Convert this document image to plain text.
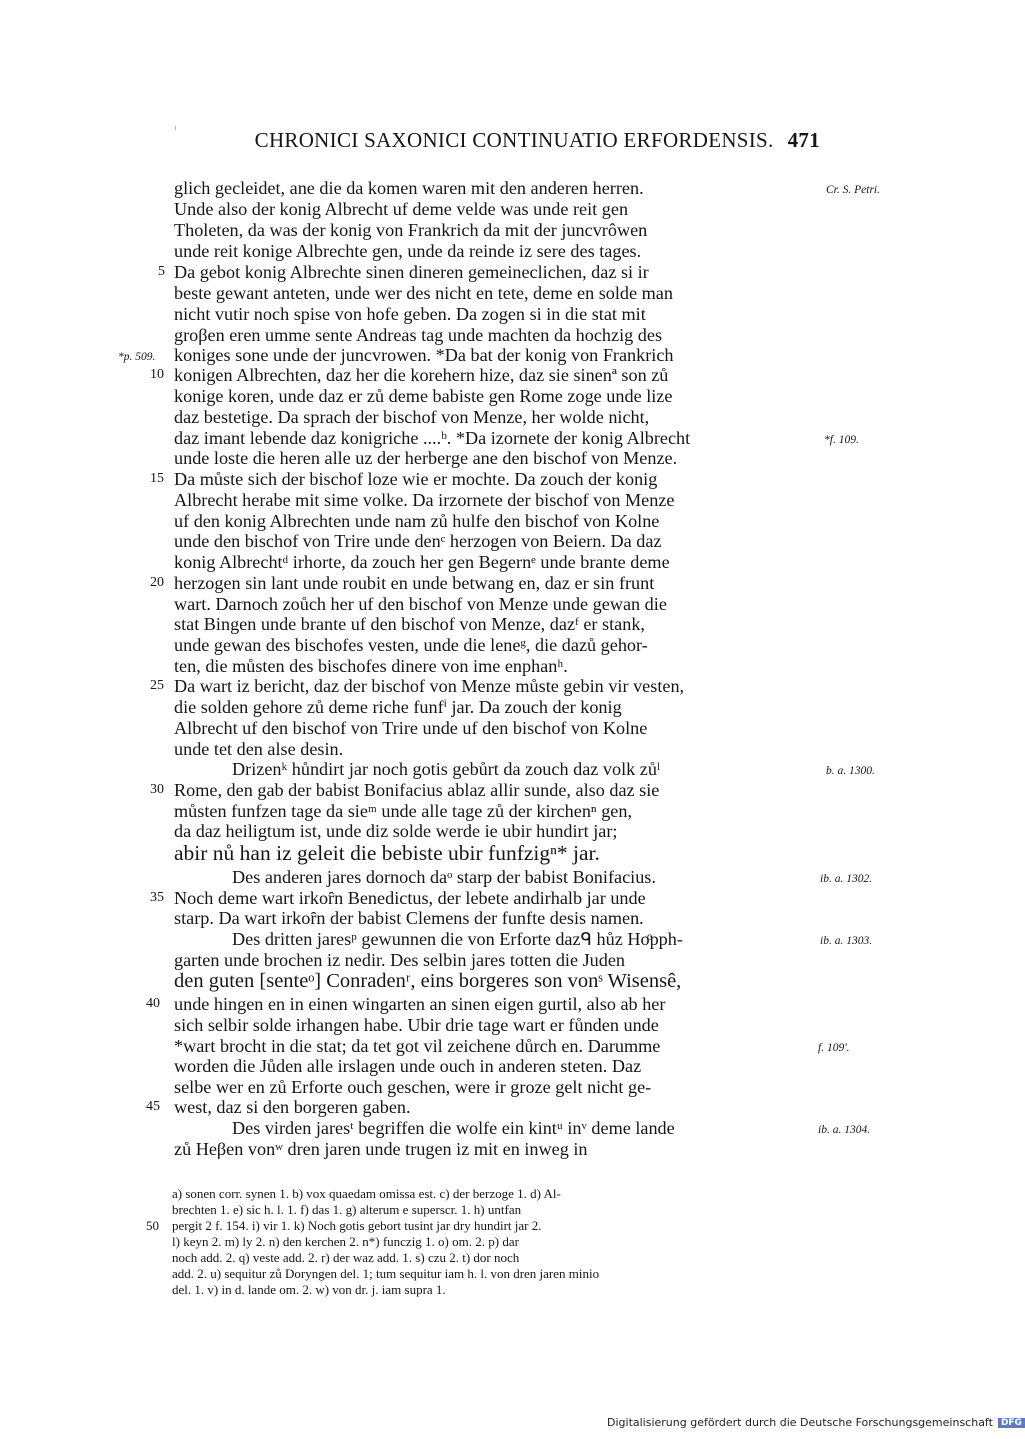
CHRONICI SAXONICI CONTINUATIO ERFORDENSIS. 471
glich gecleidet, ane die da komen waren mit den anderen herren.
Unde also der konig Albrecht uf deme velde was unde reit gen
Tholeten, da was der konig von Frankrich da mit der juncvrôwen
unde reit konige Albrechte gen, unde da reinde iz sere des tages.
Da gebot konig Albrechte sinen dineren gemeineclichen, daz si ir
beste gewant anteten, unde wer des nicht en tete, deme en solde man
nicht vutir noch spise von hofe geben. Da zogen si in die stat mit
groβen eren umme sente Andreas tag unde machten da hochzig des
koniges sone unde der juncvrowen. *Da bat der konig von Frankrich
konigen Albrechten, daz her die korehern hize, daz sie sinenª son zů
konige koren, unde daz er zů deme babiste gen Rome zoge unde lize
daz bestetige. Da sprach der bischof von Menze, her wolde nicht,
daz imant lebende daz konigriche ....ᵇ. *Da izornete der konig Albrecht
unde loste die heren alle uz der herberge ane den bischof von Menze.
Da můste sich der bischof loze wie er mochte. Da zouch der konig
Albrecht herabe mit sime volke. Da irzornete der bischof von Menze
uf den konig Albrechten unde nam zů hulfe den bischof von Kolne
unde den bischof von Trire unde denᶜ herzogen von Beiern. Da daz
konig Albrechtᵈ irhorte, da zouch her gen Begernᵉ unde brante deme
herzogen sin lant unde roubit en unde betwang en, daz er sin frunt
wart. Darnoch zoůch her uf den bischof von Menze unde gewan die
stat Bingen unde brante uf den bischof von Menze, dazᶠ er stank,
unde gewan des bischofes vesten, unde die leneᵍ, die dazů gehor-
ten, die můsten des bischofes dinere von ime enphanʰ.
Da wart iz bericht, daz der bischof von Menze můste gebin vir vesten,
die solden gehore zů deme riche funfⁱ jar. Da zouch der konig
Albrecht uf den bischof von Trire unde uf den bischof von Kolne
unde tet den alse desin.
Drizenᵏ hůndirt jar noch gotis gebůrt da zouch daz volk zůˡ
Rome, den gab der babist Bonifacius ablaz allir sunde, also daz sie
můsten funfzen tage da sieᵐ unde alle tage zů der kirchenⁿ gen,
da daz heiligtum ist, unde diz solde werde ie ubir hundirt jar;
abir nů han iz geleit die bebiste ubir funfzigⁿ* jar.
Des anderen jares dornoch daᵒ starp der babist Bonifacius.
Noch deme wart irkoȓn Benedictus, der lebete andirhalb jar unde
starp. Da wart irkoȓn der babist Clemens der funfte desis namen.
Des dritten jaresᵖ gewunnen die von Erforte dazᑫ hůz Hoͦpph-
garten unde brochen iz nedir. Des selbin jares totten die Juden
den guten [senteᵒ] Conradenʳ, eins borgeres son vonˢ Wisensê,
unde hingen en in einen wingarten an sinen eigen gurtil, also ab her
sich selbir solde irhangen habe. Ubir drie tage wart er fůnden unde
*wart brocht in die stat; da tet got vil zeichene důrch en. Darumme
worden die Jůden alle irslagen unde ouch in anderen steten. Daz
selbe wer en zů Erforte ouch geschen, were ir groze gelt nicht ge-
west, daz si den borgeren gaben.
Des virden jaresᵗ begriffen die wolfe ein kintᵘ inᵛ deme lande
zů Heβen vonʷ dren jaren unde trugen iz mit en inweg in
5
10
15
20
25
30
35
40
45
Cr. S. Petri.
*p. 509.
*f. 109.
b. a. 1300.
ib. a. 1302.
ib. a. 1303.
f. 109'.
ib. a. 1304.
a) sonen corr. synen 1. b) vox quaedam omissa est. c) der berzoge 1. d) Al-
brechten 1. e) sic h. l. 1. f) das 1. g) alterum e superscr. 1. h) untfan
50 pergit 2 f. 154. i) vir 1. k) Noch gotis gebort tusint jar dry hundirt jar 2.
l) keyn 2. m) ly 2. n) den kerchen 2. n*) funczig 1. o) om. 2. p) dar
noch add. 2. q) veste add. 2. r) der waz add. 1. s) czu 2. t) dor noch
add. 2. u) sequitur zů Doryngen del. 1; tum sequitur iam h. l. von dren jaren minio
del. 1. v) in d. lande om. 2. w) von dr. j. iam supra 1.
Digitalisierung gefördert durch die Deutsche Forschungsgemeinschaft DFG
